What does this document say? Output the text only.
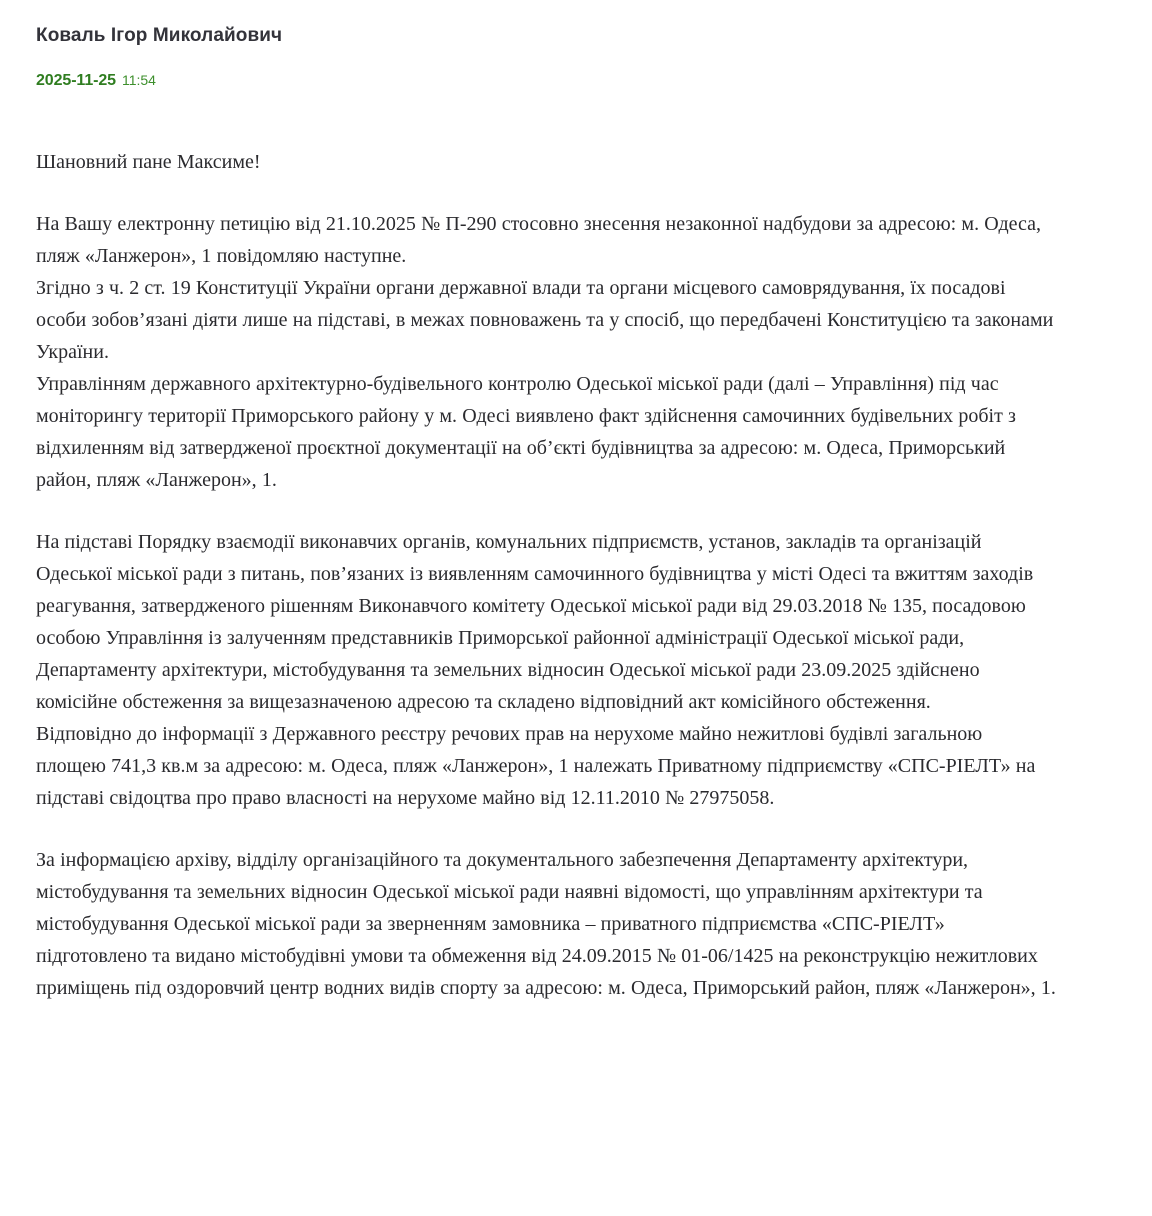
Коваль Ігор Миколайович
2025-11-25 11:54

Шановний пане Максиме!

На Вашу електронну петицію від 21.10.2025 № П-290 стосовно знесення незаконної надбудови за адресою: м. Одеса, пляж «Ланжерон», 1 повідомляю наступне.

Згідно з ч. 2 ст. 19 Конституції України органи державної влади та органи місцевого самоврядування, їх посадові особи зобов’язані діяти лише на підставі, в межах повноважень та у спосіб, що передбачені Конституцією та законами України.

Управлінням державного архітектурно-будівельного контролю Одеської міської ради (далі – Управління) під час моніторингу території Приморського району у м. Одесі виявлено факт здійснення самочинних будівельних робіт з відхиленням від затвердженої проєктної документації на об’єкті будівництва за адресою: м. Одеса, Приморський район, пляж «Ланжерон», 1.

На підставі Порядку взаємодії виконавчих органів, комунальних підприємств, установ, закладів та організацій Одеської міської ради з питань, пов’язаних із виявленням самочинного будівництва у місті Одесі та вжиттям заходів реагування, затвердженого рішенням Виконавчого комітету Одеської міської ради від 29.03.2018 № 135, посадовою особою Управління із залученням представників Приморської районної адміністрації Одеської міської ради, Департаменту архітектури, містобудування та земельних відносин Одеської міської ради 23.09.2025 здійснено комісійне обстеження за вищезазначеною адресою та складено відповідний акт комісійного обстеження.

Відповідно до інформації з Державного реєстру речових прав на нерухоме майно нежитлові будівлі загальною площею 741,3 кв.м за адресою: м. Одеса, пляж «Ланжерон», 1 належать Приватному підприємству «СПС-РІЕЛТ» на підставі свідоцтва про право власності на нерухоме майно від 12.11.2010 № 27975058.

За інформацією архіву, відділу організаційного та документального забезпечення Департаменту архітектури, містобудування та земельних відносин Одеської міської ради наявні відомості, що управлінням архітектури та містобудування Одеської міської ради за зверненням замовника – приватного підприємства «СПС-РІЕЛТ» підготовлено та видано містобудівні умови та обмеження від 24.09.2015 № 01-06/1425 на реконструкцію нежитлових приміщень під оздоровчий центр водних видів спорту за адресою: м. Одеса, Приморський район, пляж «Ланжерон», 1.
